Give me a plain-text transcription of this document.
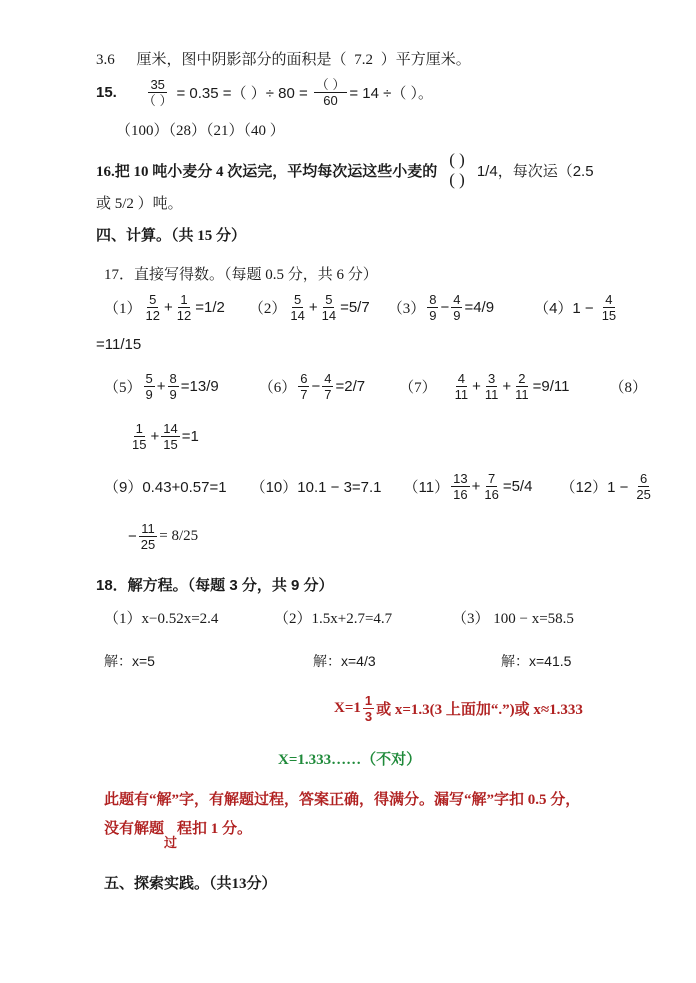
3.6 厘米，图中阴影部分的面积是（ 7.2 ）平方厘米。
15. $\frac{35}{( )} = 0.35$ =（ ）÷ $80 = \frac{( )}{60} = 14$ ÷（ ）。
（100）（28）（21）（40 ）
16.把 10 吨小麦分 4 次运完，平均每次运这些小麦的
( )
( ) 1/4，每次运（2.5
或 5/2 ）吨。
四、计算。（共 15 分）
17．直接写得数。（每题 0.5 分，共 6 分）
$(1) \frac{5}{12} + \frac{1}{12} =1/2$ $(2) \frac{5}{14} + \frac{5}{14} =5/7$ $(3) \frac{8}{9} - \frac{4}{9} =4/9$	$(4)1 - \frac{4}{15}$
=11/15
$(5) \frac{5}{9} + \frac{8}{9} =13/9$	$(6) \frac{6}{7} - \frac{4}{7} =2/7$ $(7) \frac{4}{11} + \frac{3}{11} + \frac{2}{11} =9/11$	（8）
$\frac{1}{15} + \frac{14}{15} =1$
（9）0.43+0.57=1 （10）10.1 − 3=7.1 $(11) \frac{13}{16} + \frac{7}{16} =5/4$ $(12)1 - \frac{6}{25}$
− $\frac{11}{25} = 8/25$
18．解方程。（每题 3 分，共 9 分）
（1）x−0.52x=2.4	（2）1.5x+2.7=4.7	（3） 100 − x=58.5
解：x=5	解：x=4/3	解：x=41.5
$X=1 \frac{1}{3}$ 或 x=1.3(3 上面加“.”)或 x≈1.333
X=1.333……（不对）
此题有“解”字，有解题过程，答案正确，得满分。漏写“解”字扣 0.5 分，
没有解题过程扣 1 分。
五、探索实践。（共13分）
